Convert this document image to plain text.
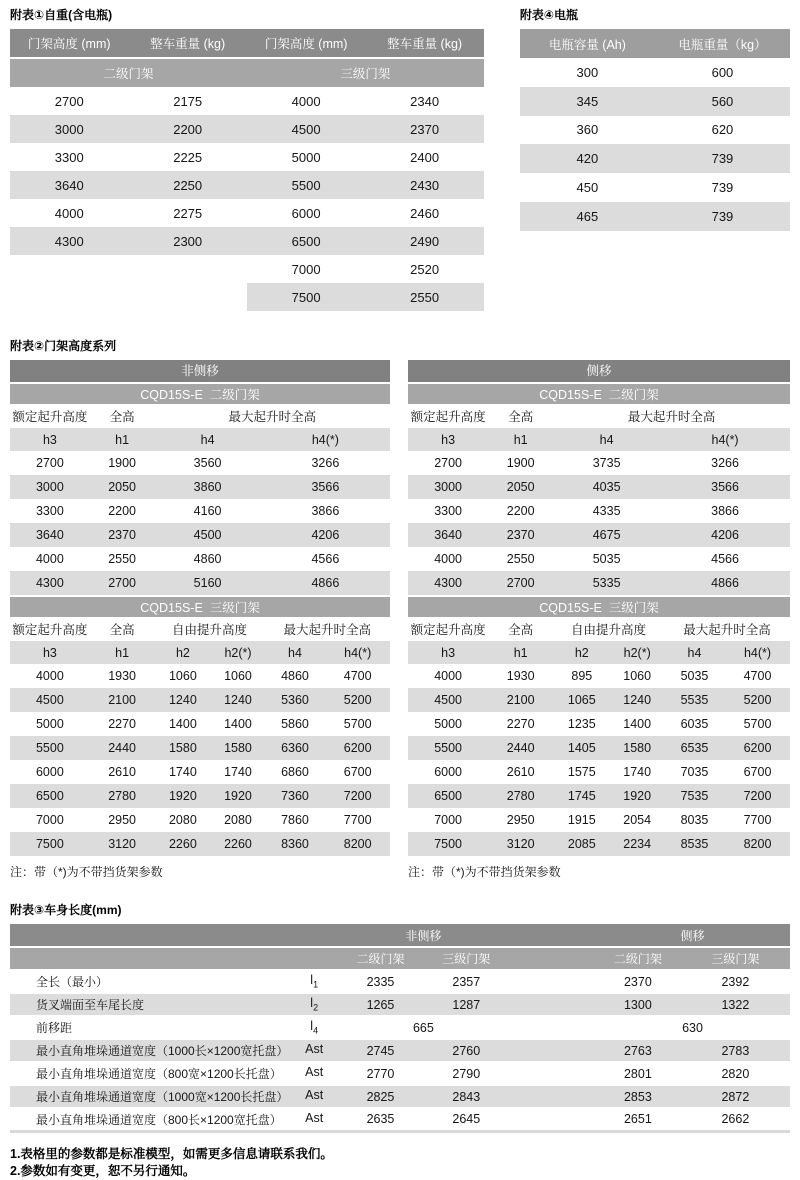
附表①自重(含电瓶)
门架高度 (mm)	整车重量 (kg)	门架高度 (mm)	整车重量 (kg)
二级门架		三级门架	
2700	2175	4000	2340
3000	2200	4500	2370
3300	2225	5000	2400
3640	2250	5500	2430
4000	2275	6000	2460
4300	2300	6500	2490
		7000	2520
		7500	2550
附表④电瓶
电瓶容量 (Ah)	电瓶重量（kg）
300	600
345	560
360	620
420	739
450	739
465	739
附表②门架高度系列
非侧移
CQD15S-E  二级门架
额定起升高度	全高	最大起升时全高	
h3	h1	h4	h4(*)
2700	1900	3560	3266
3000	2050	3860	3566
3300	2200	4160	3866
3640	2370	4500	4206
4000	2550	4860	4566
4300	2700	5160	4866
CQD15S-E  三级门架
额定起升高度	全高	自由提升高度		最大起升时全高	
h3	h1	h2	h2(*)	h4	h4(*)
4000	1930	1060	1060	4860	4700
4500	2100	1240	1240	5360	5200
5000	2270	1400	1400	5860	5700
5500	2440	1580	1580	6360	6200
6000	2610	1740	1740	6860	6700
6500	2780	1920	1920	7360	7200
7000	2950	2080	2080	7860	7700
7500	3120	2260	2260	8360	8200
注：带（*)为不带挡货架参数
侧移
CQD15S-E  二级门架
额定起升高度	全高	最大起升时全高	
h3	h1	h4	h4(*)
2700	1900	3735	3266
3000	2050	4035	3566
3300	2200	4335	3866
3640	2370	4675	4206
4000	2550	5035	4566
4300	2700	5335	4866
CQD15S-E  三级门架
额定起升高度	全高	自由提升高度		最大起升时全高	
h3	h1	h2	h2(*)	h4	h4(*)
4000	1930	895	1060	5035	4700
4500	2100	1065	1240	5535	5200
5000	2270	1235	1400	6035	5700
5500	2440	1405	1580	6535	6200
6000	2610	1575	1740	7035	6700
6500	2780	1745	1920	7535	7200
7000	2950	1915	2054	8035	7700
7500	3120	2085	2234	8535	8200
注：带（*)为不带挡货架参数
附表③车身长度(mm)
		非侧移			侧移	
		二级门架	三级门架		二级门架	三级门架
全长（最小）	$l_1$	2335	2357		2370	2392
货叉端面至车尾长度	$l_2$	1265	1287		1300	1322
前移距	$l_4$	665			630	
最小直角堆垛通道宽度（1000长×1200宽托盘）	Ast	2745	2760		2763	2783
最小直角堆垛通道宽度（800宽×1200长托盘）	Ast	2770	2790		2801	2820
最小直角堆垛通道宽度（1000宽×1200长托盘）	Ast	2825	2843		2853	2872
最小直角堆垛通道宽度（800长×1200宽托盘）	Ast	2635	2645		2651	2662
1.表格里的参数都是标准模型，如需更多信息请联系我们。
2.参数如有变更，恕不另行通知。
